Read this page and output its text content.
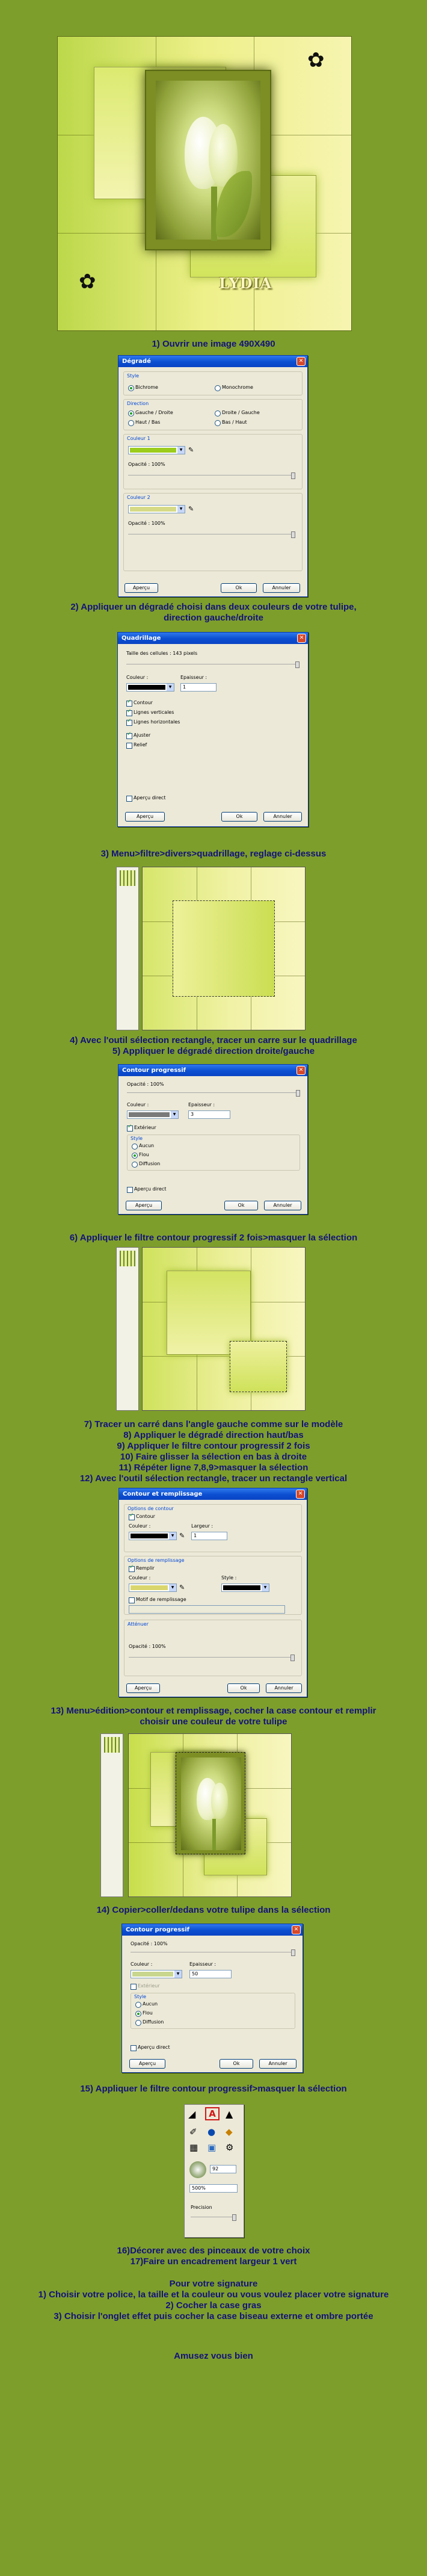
✿
✿	LYDIA
1) Ouvrir une image 490X490
Dégradé	✕
Style
Bichrome	Monochrome
Direction
Gauche / Droite	Droite / Gauche
Haut / Bas	Bas / Haut
Couleur 1
▼ ✎
Opacité : 100%
Couleur 2
▼ ✎
Opacité : 100%
Aperçu	Ok	Annuler
2) Appliquer un dégradé choisi dans deux couleurs de votre tulipe,
direction gauche/droite
Quadrillage	✕
Taille des cellules : 143 pixels
Couleur :	Epaisseur :
▼	1
Contour ✓
Lignes verticales ✓
Lignes horizontales ✓
Ajuster ✓
Relief
Aperçu direct
Aperçu	Ok	Annuler
3) Menu>filtre>divers>quadrillage, reglage ci-dessus
4) Avec l'outil sélection rectangle, tracer un carre sur le quadrillage
5) Appliquer le dégradé direction droite/gauche
Contour progressif	✕
Opacité : 100%
Couleur :	Epaisseur :
▼	3
Extérieur ✓
Style
Aucun
Flou
Diffusion
Aperçu direct
Aperçu	Ok	Annuler
6) Appliquer le filtre contour progressif 2 fois>masquer la sélection
7) Tracer un carré dans l'angle gauche comme sur le modèle
8) Appliquer le dégradé direction haut/bas
9) Appliquer le filtre contour progressif 2 fois
10) Faire glisser la sélection en bas à droite
11) Répéter ligne 7,8,9>masquer la sélection
12) Avec l'outil sélection rectangle, tracer un rectangle vertical
Contour et remplissage	✕
Options de contour
Contour ✓
Couleur :	Largeur :
▼ ✎	1
Options de remplissage
Remplir ✓
Couleur :	Style :
▼ ✎	▼
Motif de remplissage
Atténuer
Opacité : 100%
Aperçu	Ok	Annuler
13) Menu>édition>contour et remplissage, cocher la case contour et remplir
choisir une couleur de votre tulipe
14) Copier>coller/dedans votre tulipe dans la sélection
Contour progressif	✕
Opacité : 100%
Couleur :	Epaisseur :
▼	50
Extérieur
Style
Aucun
Flou
Diffusion
Aperçu direct
Aperçu	Ok	Annuler
15) Appliquer le filtre contour progressif>masquer la sélection
◢	A	▲
✐ ● ◆
▦ ▣ ⚙
92
500%
Precision
16)Décorer avec des pinceaux de votre choix
17)Faire un encadrement largeur 1 vert
Pour votre signature
1) Choisir votre police, la taille et la couleur ou vous voulez placer votre signature
2) Cocher la case gras
3) Choisir l'onglet effet puis cocher la case biseau externe et ombre portée
Amusez vous bien
